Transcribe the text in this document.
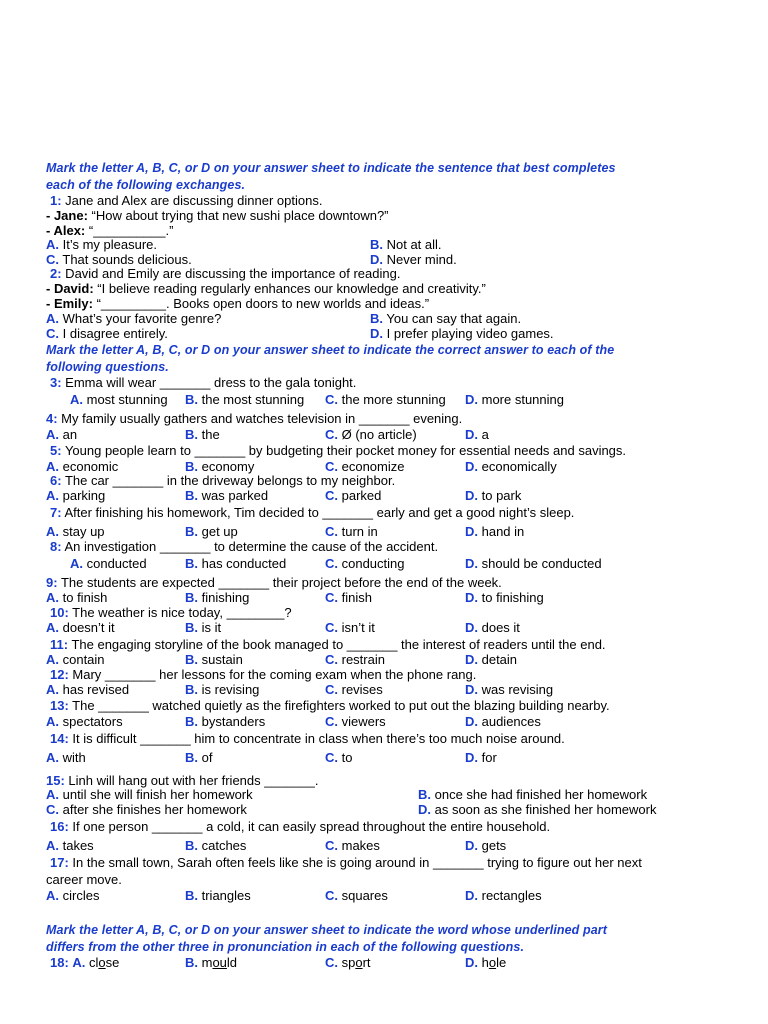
Mark the letter A, B, C, or D on your answer sheet to indicate the sentence that best completes
each of the following exchanges.
1: Jane and Alex are discussing dinner options.
- Jane: “How about trying that new sushi place downtown?”
- Alex: “__________.”
A. It’s my pleasure.	B. Not at all.
C. That sounds delicious.	D. Never mind.
2: David and Emily are discussing the importance of reading.
- David: “I believe reading regularly enhances our knowledge and creativity.”
- Emily: “_________. Books open doors to new worlds and ideas.”
A. What’s your favorite genre?	B. You can say that again.
C. I disagree entirely.	D. I prefer playing video games.
Mark the letter A, B, C, or D on your answer sheet to indicate the correct answer to each of the
following questions.
3: Emma will wear _______ dress to the gala tonight.
A. most stunning B. the most stunning C. the more stunning D. more stunning
4: My family usually gathers and watches television in _______ evening.
A. an	B. the	C. Ø (no article)	D. a
5: Young people learn to _______ by budgeting their pocket money for essential needs and savings.
A. economic	B. economy	C. economize	D. economically
6: The car _______ in the driveway belongs to my neighbor.
A. parking	B. was parked	C. parked	D. to park
7: After finishing his homework, Tim decided to _______ early and get a good night’s sleep.
A. stay up	B. get up	C. turn in	D. hand in
8: An investigation _______ to determine the cause of the accident.
A. conducted	B. has conducted	C. conducting	D. should be conducted
9: The students are expected _______ their project before the end of the week.
A. to finish	B. finishing	C. finish	D. to finishing
10: The weather is nice today, ________?
A. doesn’t it	B. is it	C. isn’t it	D. does it
11: The engaging storyline of the book managed to _______ the interest of readers until the end.
A. contain	B. sustain	C. restrain	D. detain
12: Mary _______ her lessons for the coming exam when the phone rang.
A. has revised	B. is revising	C. revises	D. was revising
13: The _______ watched quietly as the firefighters worked to put out the blazing building nearby.
A. spectators	B. bystanders	C. viewers	D. audiences
14: It is difficult _______ him to concentrate in class when there’s too much noise around.
A. with	B. of	C. to	D. for
15: Linh will hang out with her friends _______.
A. until she will finish her homework	B. once she had finished her homework
C. after she finishes her homework	D. as soon as she finished her homework
16: If one person _______ a cold, it can easily spread throughout the entire household.
A. takes	B. catches	C. makes	D. gets
17: In the small town, Sarah often feels like she is going around in _______ trying to figure out her next
career move.
A. circles	B. triangles	C. squares	D. rectangles
Mark the letter A, B, C, or D on your answer sheet to indicate the word whose underlined part
differs from the other three in pronunciation in each of the following questions.
18: A. close	B. mould	C. sport	D. hole
